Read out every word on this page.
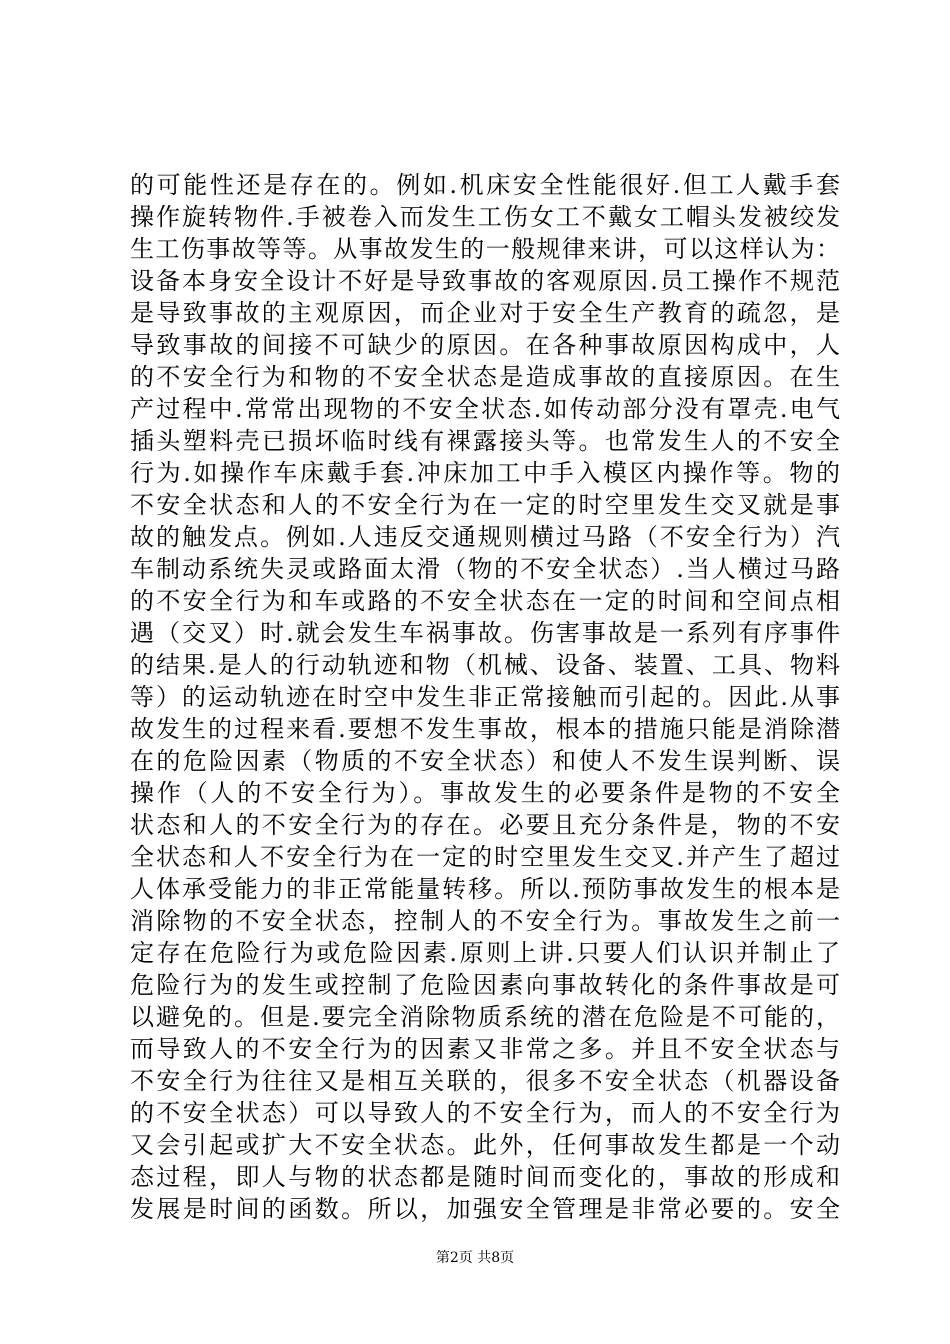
的可能性还是存在的。例如.机床安全性能很好.但工人戴手套
操作旋转物件.手被卷入而发生工伤女工不戴女工帽头发被绞发
生工伤事故等等。从事故发生的一般规律来讲，可以这样认为：
设备本身安全设计不好是导致事故的客观原因.员工操作不规范
是导致事故的主观原因，而企业对于安全生产教育的疏忽，是
导致事故的间接不可缺少的原因。在各种事故原因构成中，人
的不安全行为和物的不安全状态是造成事故的直接原因。在生
产过程中.常常出现物的不安全状态.如传动部分没有罩壳.电气
插头塑料壳已损坏临时线有裸露接头等。也常发生人的不安全
行为.如操作车床戴手套.冲床加工中手入模区内操作等。物的
不安全状态和人的不安全行为在一定的时空里发生交叉就是事
故的触发点。例如.人违反交通规则横过马路（不安全行为）汽
车制动系统失灵或路面太滑（物的不安全状态）.当人横过马路
的不安全行为和车或路的不安全状态在一定的时间和空间点相
遇（交叉）时.就会发生车祸事故。伤害事故是一系列有序事件
的结果.是人的行动轨迹和物（机械、设备、装置、工具、物料
等）的运动轨迹在时空中发生非正常接触而引起的。因此.从事
故发生的过程来看.要想不发生事故，根本的措施只能是消除潜
在的危险因素（物质的不安全状态）和使人不发生误判断、误
操作（人的不安全行为）。事故发生的必要条件是物的不安全
状态和人的不安全行为的存在。必要且充分条件是，物的不安
全状态和人不安全行为在一定的时空里发生交叉.并产生了超过
人体承受能力的非正常能量转移。所以.预防事故发生的根本是
消除物的不安全状态，控制人的不安全行为。事故发生之前一
定存在危险行为或危险因素.原则上讲.只要人们认识并制止了
危险行为的发生或控制了危险因素向事故转化的条件事故是可
以避免的。但是.要完全消除物质系统的潜在危险是不可能的，
而导致人的不安全行为的因素又非常之多。并且不安全状态与
不安全行为往往又是相互关联的，很多不安全状态（机器设备
的不安全状态）可以导致人的不安全行为，而人的不安全行为
又会引起或扩大不安全状态。此外，任何事故发生都是一个动
态过程，即人与物的状态都是随时间而变化的，事故的形成和
发展是时间的函数。所以，加强安全管理是非常必要的。安全
第2页 共8页
